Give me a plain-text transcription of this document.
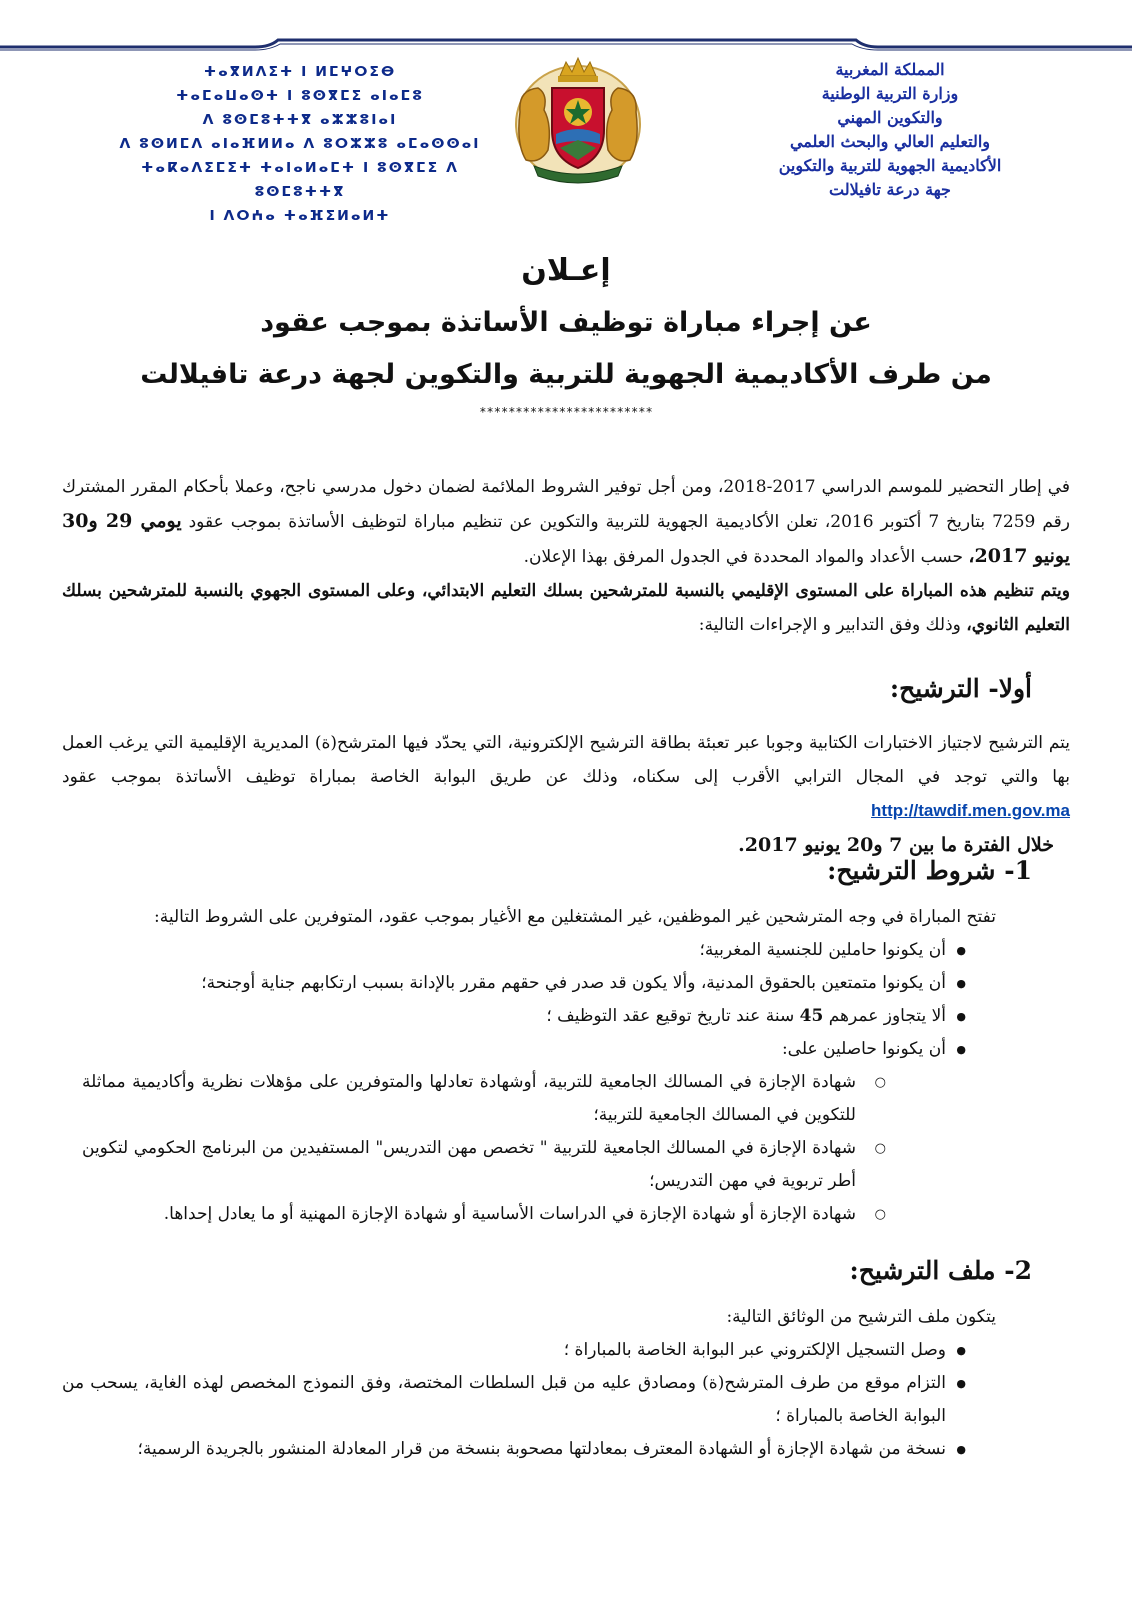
ⵜⴰⴳⵍⴷⵉⵜ ⵏ ⵍⵎⵖⵔⵉⴱ
ⵜⴰⵎⴰⵡⴰⵙⵜ ⵏ ⵓⵙⴳⵎⵉ ⴰⵏⴰⵎⵓ
ⴷ ⵓⵙⵎⵓⵜⵜⴳ ⴰⵣⵣⵓⵏⴰⵏ
ⴷ ⵓⵙⵍⵎⴷ ⴰⵏⴰⴼⵍⵍⴰ ⴷ ⵓⵔⵣⵣⵓ ⴰⵎⴰⵙⵙⴰⵏ
ⵜⴰⴽⴰⴷⵉⵎⵉⵜ ⵜⴰⵏⴰⵍⴰⵎⵜ ⵏ ⵓⵙⴳⵎⵉ ⴷ ⵓⵙⵎⵓⵜⵜⴳ
ⵏ ⴷⵔⵄⴰ ⵜⴰⴼⵉⵍⴰⵍⵜ
المملكة المغربية
وزارة التربية الوطنية
والتكوين المهني
والتعليم العالي والبحث العلمي
الأكاديمية الجهوية للتربية والتكوين
جهة درعة تافيلالت
إعـلان
عن إجراء مباراة توظيف الأساتذة بموجب عقود
من طرف الأكاديمية الجهوية للتربية والتكوين لجهة درعة تافيلالت
************************

في إطار التحضير للموسم الدراسي 2017-2018، ومن أجل توفير الشروط الملائمة لضمان دخول مدرسي ناجح، وعملا بأحكام المقرر المشترك رقم 7259 بتاريخ 7 أكتوبر 2016، تعلن الأكاديمية الجهوية للتربية والتكوين عن تنظيم مباراة لتوظيف الأساتذة بموجب عقود يومي 29 و30 يونيو 2017، حسب الأعداد والمواد المحددة في الجدول المرفق بهذا الإعلان.

ويتم تنظيم هذه المباراة على المستوى الإقليمي بالنسبة للمترشحين بسلك التعليم الابتدائي، وعلى المستوى الجهوي بالنسبة للمترشحين بسلك التعليم الثانوي، وذلك وفق التدابير و الإجراءات التالية:

أولا- الترشيح:

يتم الترشيح لاجتياز الاختبارات الكتابية وجوبا عبر تعبئة بطاقة الترشيح الإلكترونية، التي يحدّد فيها المترشح(ة) المديرية الإقليمية التي يرغب العمل بها والتي توجد في المجال الترابي الأقرب إلى سكناه، وذلك عن طريق البوابة الخاصة بمباراة توظيف الأساتذة بموجب عقود http://tawdif.men.gov.ma

خلال الفترة ما بين 7 و20 يونيو 2017.

1- شروط الترشيح:

تفتح المباراة في وجه المترشحين غير الموظفين، غير المشتغلين مع الأغيار بموجب عقود، المتوفرين على الشروط التالية:

● أن يكونوا حاملين للجنسية المغربية؛
● أن يكونوا متمتعين بالحقوق المدنية، وألا يكون قد صدر في حقهم مقرر بالإدانة بسبب ارتكابهم جناية أوجنحة؛
● ألا يتجاوز عمرهم 45 سنة عند تاريخ توقيع عقد التوظيف ؛
● أن يكونوا حاصلين على:
○ شهادة الإجازة في المسالك الجامعية للتربية، أوشهادة تعادلها والمتوفرين على مؤهلات نظرية وأكاديمية مماثلة للتكوين في المسالك الجامعية للتربية؛
○ شهادة الإجازة في المسالك الجامعية للتربية " تخصص مهن التدريس" المستفيدين من البرنامج الحكومي لتكوين أطر تربوية في مهن التدريس؛
○ شهادة الإجازة أو شهادة الإجازة في الدراسات الأساسية أو شهادة الإجازة المهنية أو ما يعادل إحداها.
2- ملف الترشيح:

يتكون ملف الترشيح من الوثائق التالية:

● وصل التسجيل الإلكتروني عبر البوابة الخاصة بالمباراة ؛
● التزام موقع من طرف المترشح(ة) ومصادق عليه من قبل السلطات المختصة، وفق النموذج المخصص لهذه الغاية، يسحب من البوابة الخاصة بالمباراة ؛
● نسخة من شهادة الإجازة أو الشهادة المعترف بمعادلتها مصحوبة بنسخة من قرار المعادلة المنشور بالجريدة الرسمية؛
